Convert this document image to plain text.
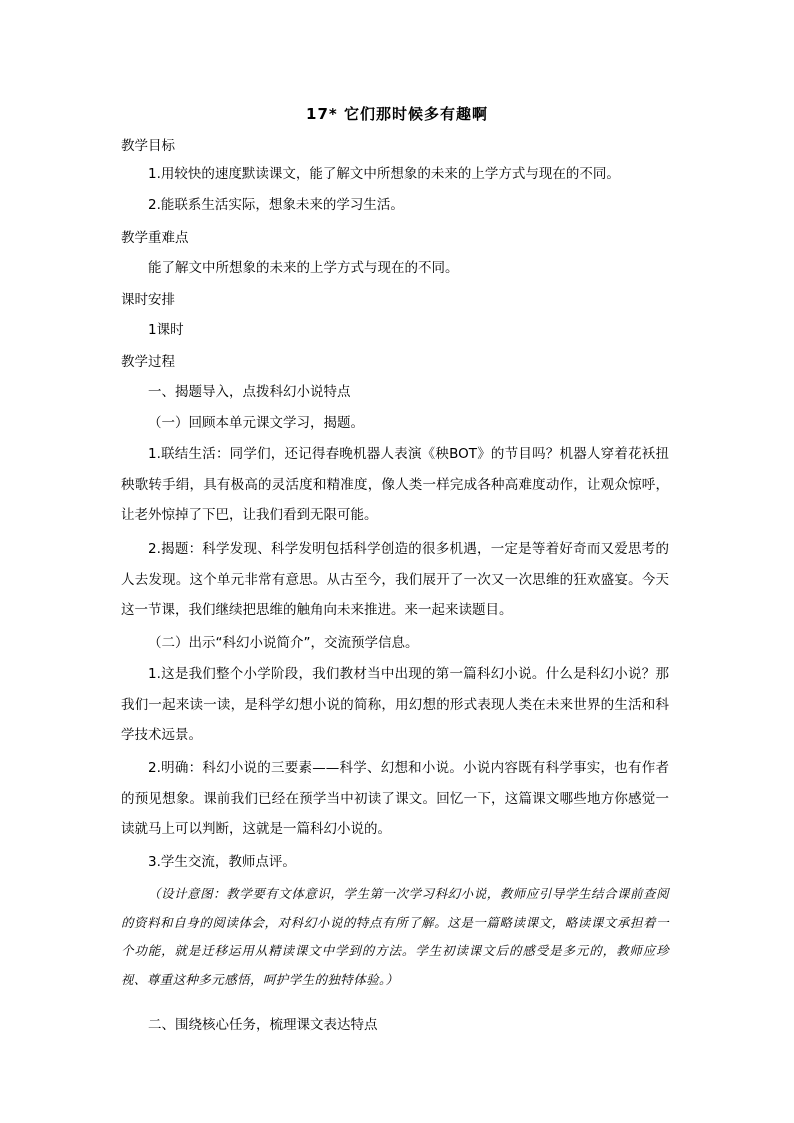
17* 它们那时候多有趣啊
教学目标
1.用较快的速度默读课文，能了解文中所想象的未来的上学方式与现在的不同。
2.能联系生活实际，想象未来的学习生活。
教学重难点
能了解文中所想象的未来的上学方式与现在的不同。
课时安排
1课时
教学过程
一、揭题导入，点拨科幻小说特点
（一）回顾本单元课文学习，揭题。
1.联结生活：同学们，还记得春晚机器人表演《秧BOT》的节目吗？机器人穿着花袄扭秧歌转手绢，具有极高的灵活度和精准度，像人类一样完成各种高难度动作，让观众惊呼，让老外惊掉了下巴，让我们看到无限可能。
2.揭题：科学发现、科学发明包括科学创造的很多机遇，一定是等着好奇而又爱思考的人去发现。这个单元非常有意思。从古至今，我们展开了一次又一次思维的狂欢盛宴。今天这一节课，我们继续把思维的触角向未来推进。来一起来读题目。
（二）出示“科幻小说简介”，交流预学信息。
1.这是我们整个小学阶段，我们教材当中出现的第一篇科幻小说。什么是科幻小说？那我们一起来读一读，是科学幻想小说的简称，用幻想的形式表现人类在未来世界的生活和科学技术远景。
2.明确：科幻小说的三要素——科学、幻想和小说。小说内容既有科学事实，也有作者的预见想象。课前我们已经在预学当中初读了课文。回忆一下，这篇课文哪些地方你感觉一读就马上可以判断，这就是一篇科幻小说的。
3.学生交流，教师点评。
（设计意图：教学要有文体意识，学生第一次学习科幻小说，教师应引导学生结合课前查阅的资料和自身的阅读体会，对科幻小说的特点有所了解。这是一篇略读课文，略读课文承担着一个功能，就是迁移运用从精读课文中学到的方法。学生初读课文后的感受是多元的，教师应珍视、尊重这种多元感悟，呵护学生的独特体验。）
二、围绕核心任务，梳理课文表达特点
